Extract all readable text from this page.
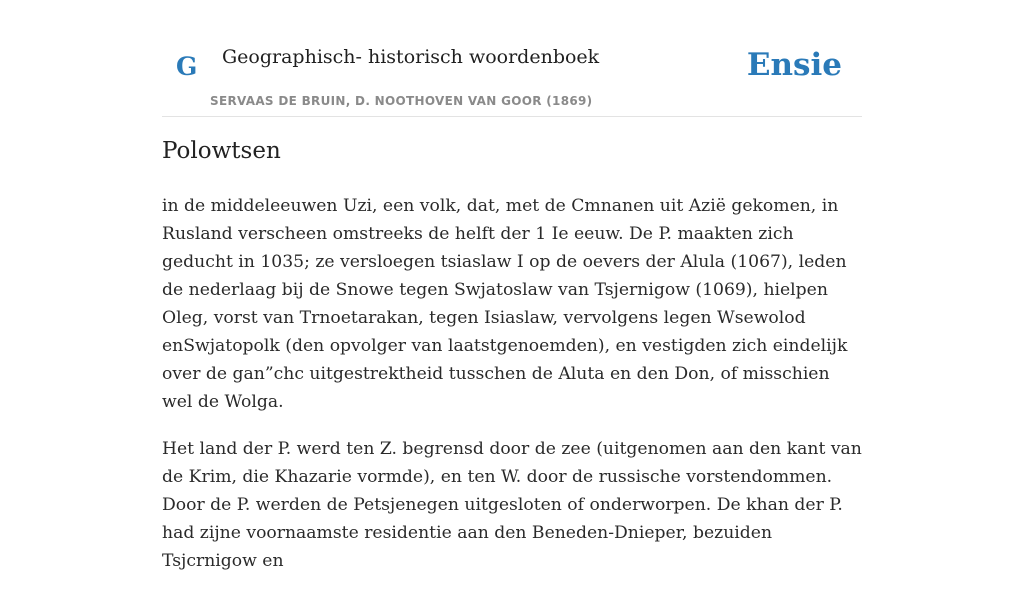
G Geographisch- historisch woordenboek
SERVAAS DE BRUIN, D. NOOTHOVEN VAN GOOR (1869)
Ensie
Polowtsen

in de middeleeuwen Uzi, een volk, dat, met de Cmnanen uit Azië gekomen, in Rusland verscheen omstreeks de helft der 1 Ie eeuw. De P. maakten zich geducht in 1035; ze versloegen tsiaslaw I op de oevers der Alula (1067), leden de nederlaag bij de Snowe tegen Swjatoslaw van Tsjernigow (1069), hielpen Oleg, vorst van Trnoetarakan, tegen Isiaslaw, vervolgens legen Wsewolod enSwjatopolk (den opvolger van laatstgenoemden), en vestigden zich eindelijk over de gan”chc uitgestrektheid tusschen de Aluta en den Don, of misschien wel de Wolga.

Het land der P. werd ten Z. begrensd door de zee (uitgenomen aan den kant van de Krim, die Khazarie vormde), en ten W. door de russische vorstendommen. Door de P. werden de Petsjenegen uitgesloten of onderworpen. De khan der P. had zijne voornaamste residentie aan den Beneden-Dnieper, bezuiden Tsjcrnigow en
